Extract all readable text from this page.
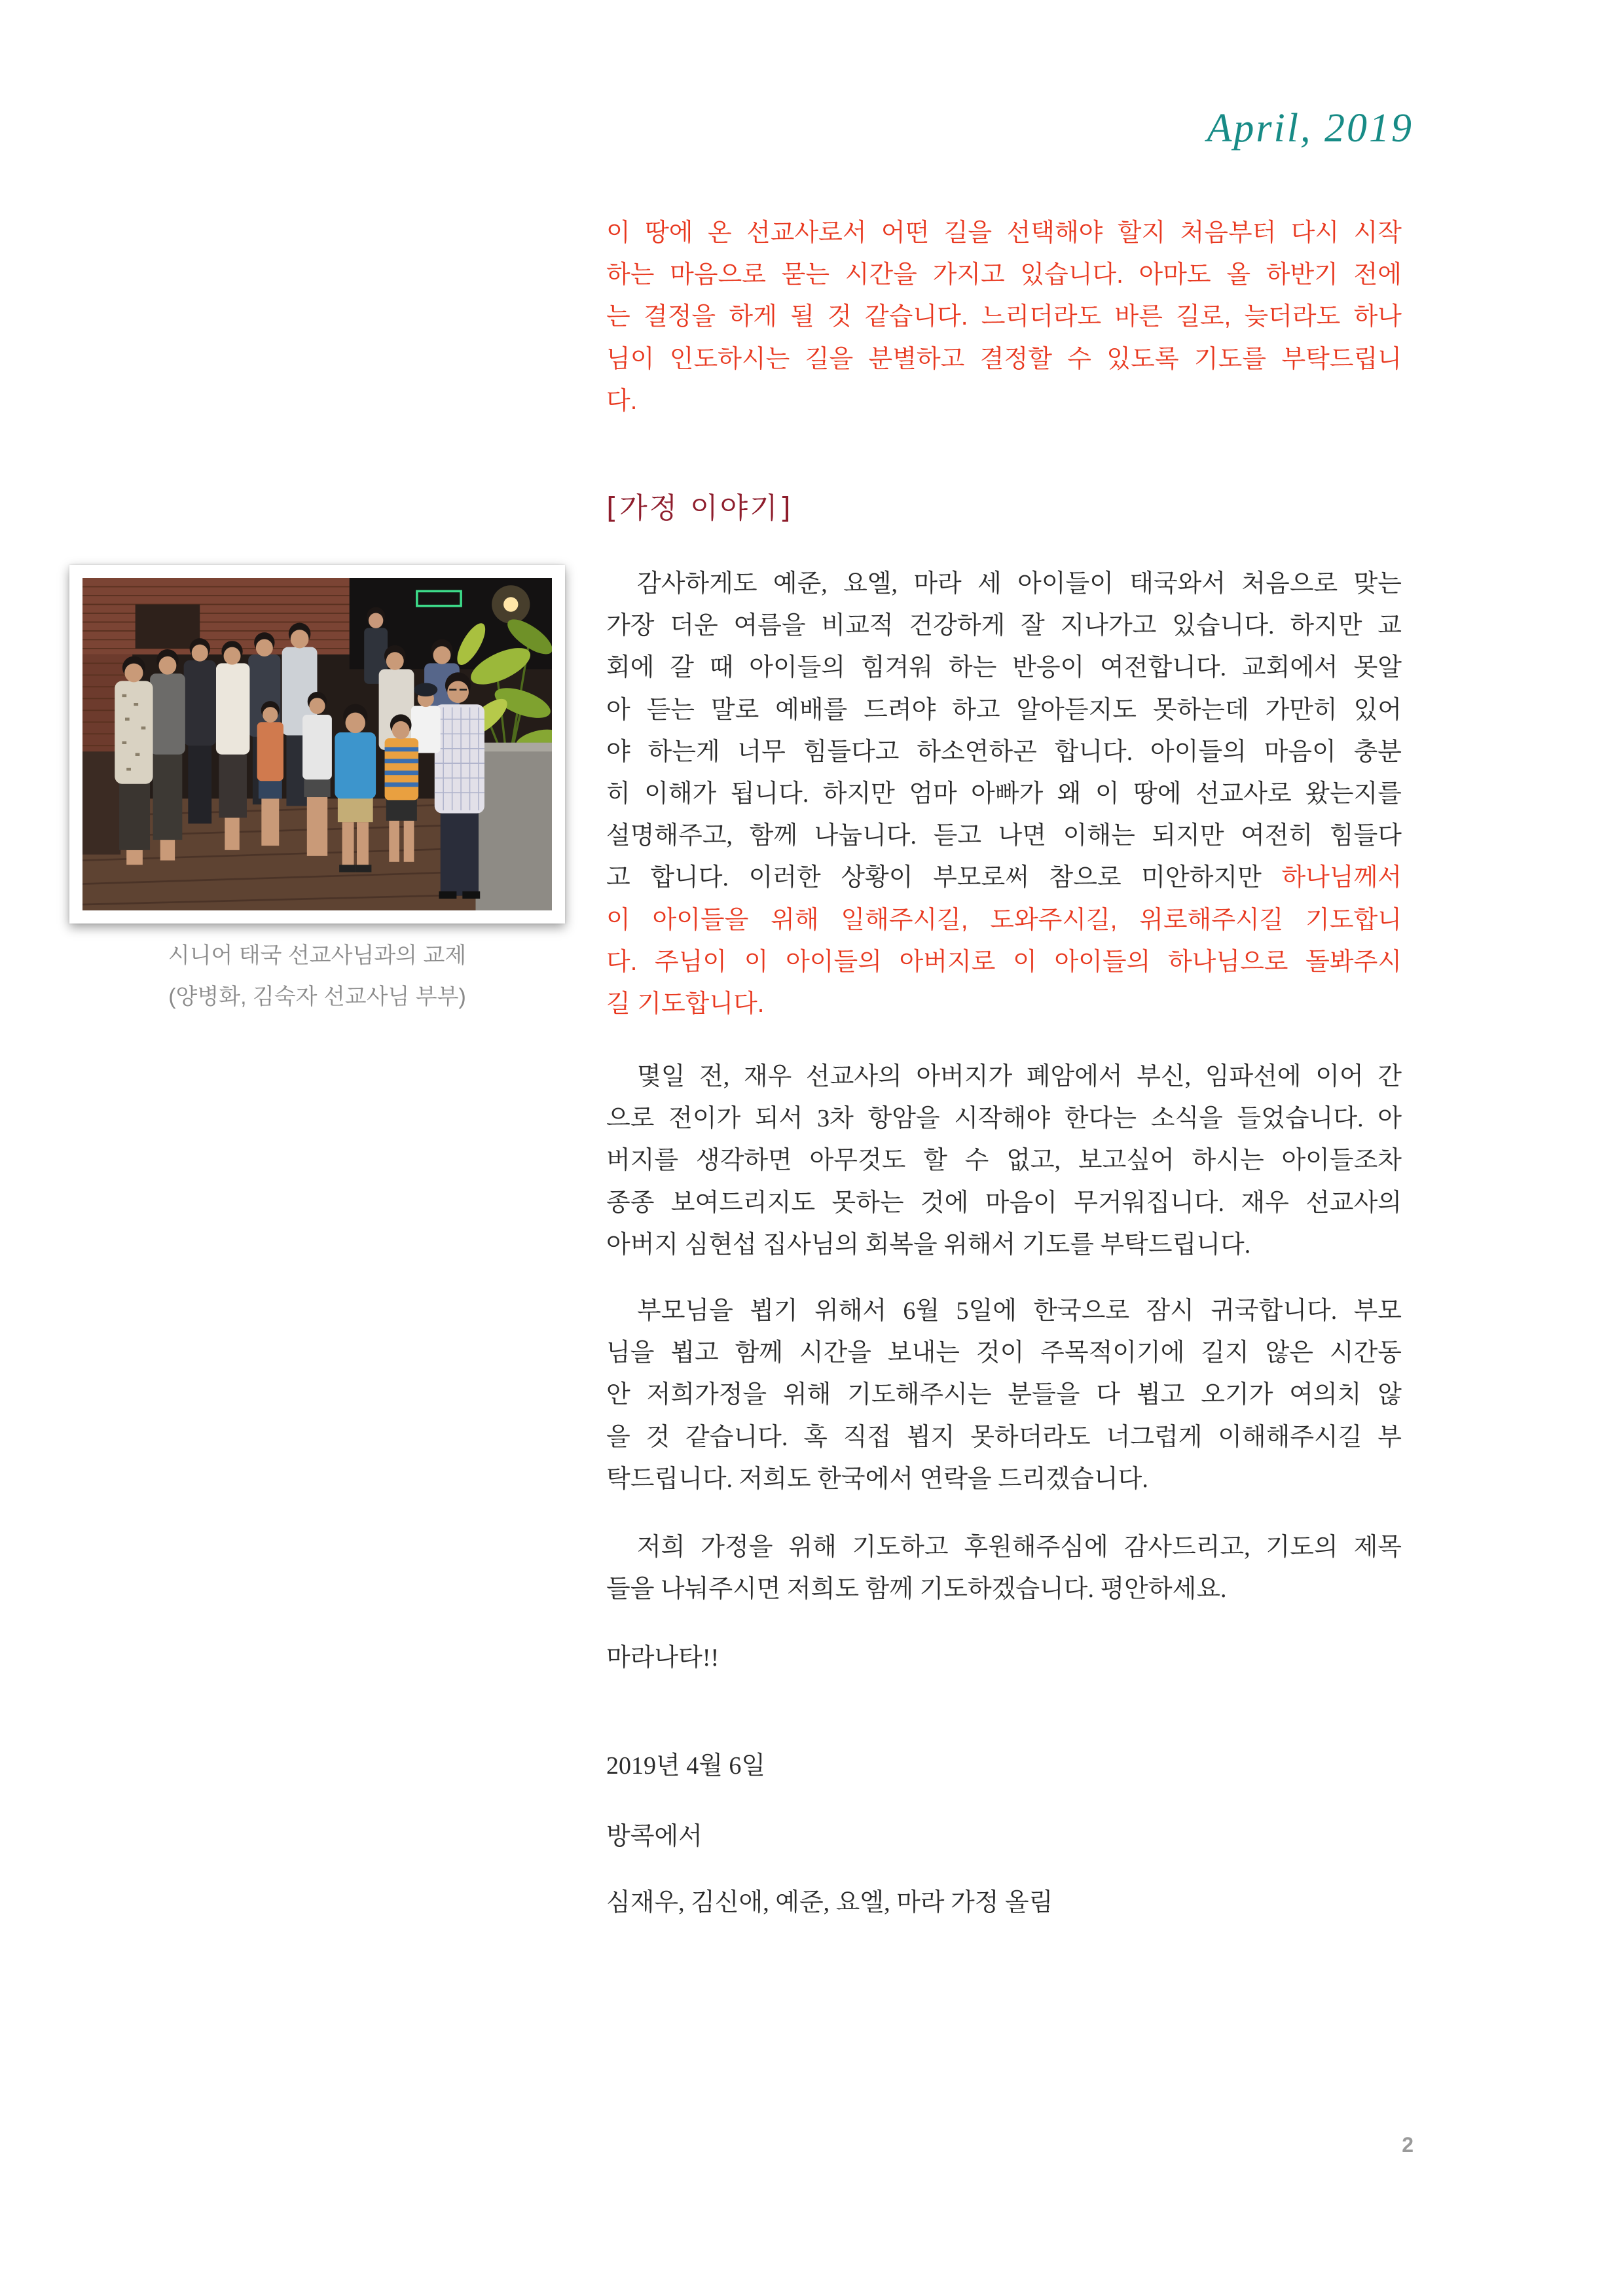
April, 2019
이 땅에 온 선교사로서 어떤 길을 선택해야 할지 처음부터 다시 시작
하는 마음으로 묻는 시간을 가지고 있습니다. 아마도 올 하반기 전에
는 결정을 하게 될 것 같습니다. 느리더라도 바른 길로, 늦더라도 하나
님이 인도하시는 길을 분별하고 결정할 수 있도록 기도를 부탁드립니
다.
[가정 이야기]
시니어 태국 선교사님과의 교제
(양병화, 김숙자 선교사님 부부)
감사하게도 예준, 요엘, 마라 세 아이들이 태국와서 처음으로 맞는
가장 더운 여름을 비교적 건강하게 잘 지나가고 있습니다. 하지만 교
회에 갈 때 아이들의 힘겨워 하는 반응이 여전합니다. 교회에서 못알
아 듣는 말로 예배를 드려야 하고 알아듣지도 못하는데 가만히 있어
야 하는게 너무 힘들다고 하소연하곤 합니다. 아이들의 마음이 충분
히 이해가 됩니다. 하지만 엄마 아빠가 왜 이 땅에 선교사로 왔는지를
설명해주고, 함께 나눕니다. 듣고 나면 이해는 되지만 여전히 힘들다
고 합니다. 이러한 상황이 부모로써 참으로 미안하지만 하나님께서
이 아이들을 위해 일해주시길, 도와주시길, 위로해주시길 기도합니
다. 주님이 이 아이들의 아버지로 이 아이들의 하나님으로 돌봐주시
길 기도합니다.
몇일 전, 재우 선교사의 아버지가 폐암에서 부신, 임파선에 이어 간
으로 전이가 되서 3차 항암을 시작해야 한다는 소식을 들었습니다. 아
버지를 생각하면 아무것도 할 수 없고, 보고싶어 하시는 아이들조차
종종 보여드리지도 못하는 것에 마음이 무거워집니다. 재우 선교사의
아버지 심현섭 집사님의 회복을 위해서 기도를 부탁드립니다.
부모님을 뵙기 위해서 6월 5일에 한국으로 잠시 귀국합니다. 부모
님을 뵙고 함께 시간을 보내는 것이 주목적이기에 길지 않은 시간동
안 저희가정을 위해 기도해주시는 분들을 다 뵙고 오기가 여의치 않
을 것 같습니다. 혹 직접 뵙지 못하더라도 너그럽게 이해해주시길 부
탁드립니다. 저희도 한국에서 연락을 드리겠습니다.
저희 가정을 위해 기도하고 후원해주심에 감사드리고, 기도의 제목
들을 나눠주시면 저희도 함께 기도하겠습니다. 평안하세요.
마라나타!!
2019년 4월 6일
방콕에서
심재우, 김신애, 예준, 요엘, 마라 가정 올림
2
